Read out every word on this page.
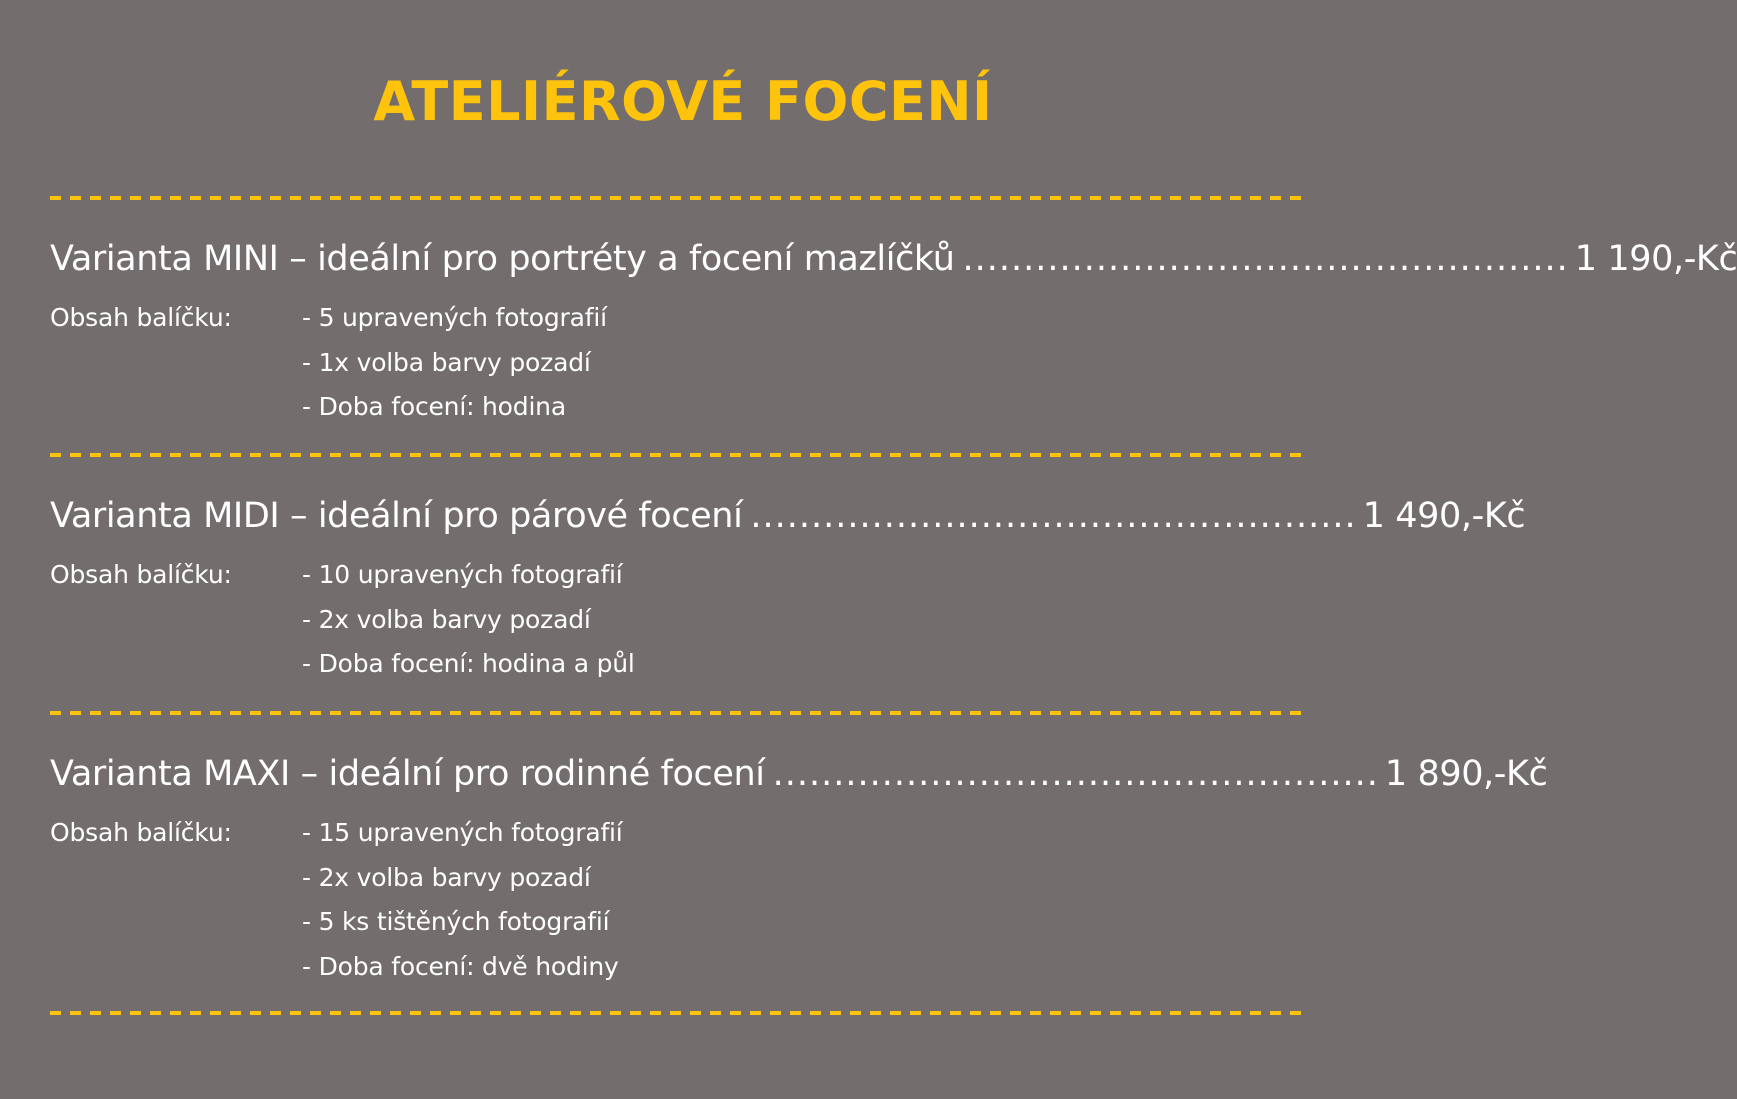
ATELIÉROVÉ FOCENÍ
Varianta MINI – ideální pro portréty a focení mazlíčků .................................................. 1 190,-Kč
Obsah balíčku:	- 5 upravených fotografií
- 1x volba barvy pozadí
- Doba focení: hodina
Varianta MIDI – ideální pro párové focení .................................................. 1 490,-Kč
Obsah balíčku:	- 10 upravených fotografií
- 2x volba barvy pozadí
- Doba focení: hodina a půl
Varianta MAXI – ideální pro rodinné focení .................................................. 1 890,-Kč
Obsah balíčku:	- 15 upravených fotografií
- 2x volba barvy pozadí
- 5 ks tištěných fotografií
- Doba focení: dvě hodiny
